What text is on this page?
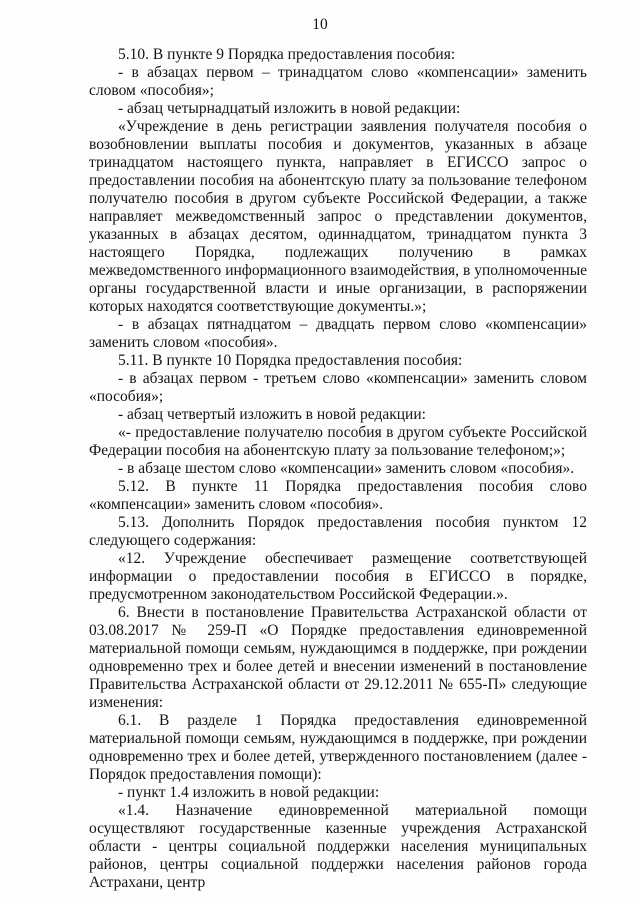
10

5.10. В пункте 9 Порядка предоставления пособия:

- в абзацах первом – тринадцатом слово «компенсации» заменить словом «пособия»;

- абзац четырнадцатый изложить в новой редакции:

«Учреждение в день регистрации заявления получателя пособия о возобновлении выплаты пособия и документов, указанных в абзаце тринадцатом настоящего пункта, направляет в ЕГИССО запрос о предоставлении пособия на абонентскую плату за пользование телефоном получателю пособия в другом субъекте Российской Федерации, а также направляет межведомственный запрос о представлении документов, указанных в абзацах десятом, одиннадцатом, тринадцатом пункта 3 настоящего Порядка, подлежащих получению в рамках межведомственного информационного взаимодействия, в уполномоченные органы государственной власти и иные организации, в распоряжении которых находятся соответствующие документы.»;

- в абзацах пятнадцатом – двадцать первом слово «компенсации» заменить словом «пособия».

5.11. В пункте 10 Порядка предоставления пособия:

- в абзацах первом - третьем слово «компенсации» заменить словом «пособия»;

- абзац четвертый изложить в новой редакции:

«- предоставление получателю пособия в другом субъекте Российской Федерации пособия на абонентскую плату за пользование телефоном;»;

- в абзаце шестом слово «компенсации» заменить словом «пособия».

5.12. В пункте 11 Порядка предоставления пособия слово «компенсации» заменить словом «пособия».

5.13. Дополнить Порядок предоставления пособия пунктом 12 следующего содержания:

«12. Учреждение обеспечивает размещение соответствующей информации о предоставлении пособия в ЕГИССО в порядке, предусмотренном законодательством Российской Федерации.».

6. Внести в постановление Правительства Астраханской области от 03.08.2017 № 259-П «О Порядке предоставления единовременной материальной помощи семьям, нуждающимся в поддержке, при рождении одновременно трех и более детей и внесении изменений в постановление Правительства Астраханской области от 29.12.2011 № 655-П» следующие изменения:

6.1. В разделе 1 Порядка предоставления единовременной материальной помощи семьям, нуждающимся в поддержке, при рождении одновременно трех и более детей, утвержденного постановлением (далее - Порядок предоставления помощи):

- пункт 1.4 изложить в новой редакции:

«1.4. Назначение единовременной материальной помощи осуществляют государственные казенные учреждения Астраханской области - центры социальной поддержки населения муниципальных районов, центры социальной поддержки населения районов города Астрахани, центр
